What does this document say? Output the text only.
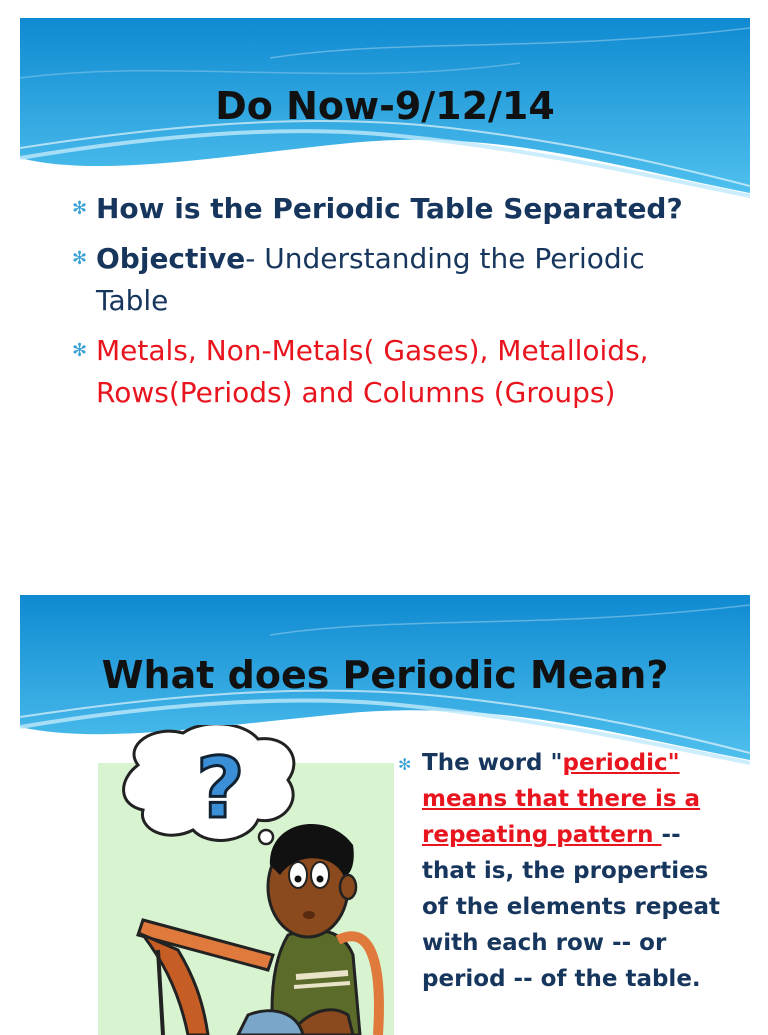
Do Now-9/12/14
✻ How is the Periodic Table Separated?
✻ Objective- Understanding the Periodic Table
✻ Metals, Non-Metals( Gases), Metalloids, Rows(Periods) and Columns (Groups)
What does Periodic Mean?
?	✻ The word "periodic" means that there is a repeating pattern -- that is, the properties of the elements repeat with each row -- or period -- of the table.
